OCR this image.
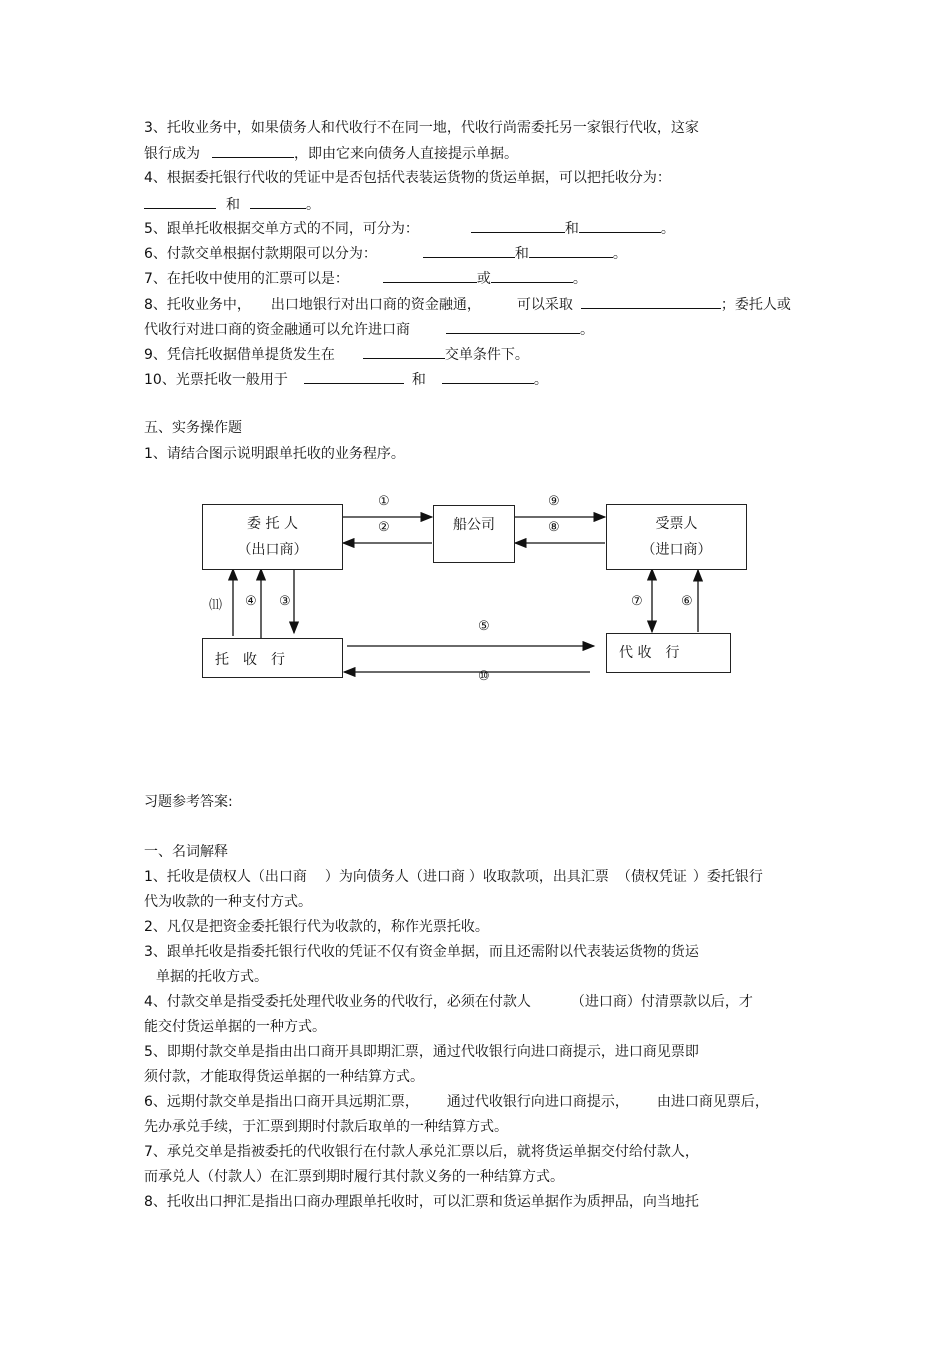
3、托收业务中，如果债务人和代收行不在同一地，代收行尚需委托另一家银行代收，这家
银行成为	，即由它来向债务人直接提示单据。
4、根据委托银行代收的凭证中是否包括代表装运货物的货运单据，可以把托收分为：
和	。
5、跟单托收根据交单方式的不同，可分为：	和	。
6、付款交单根据付款期限可以分为：	和	。
7、在托收中使用的汇票可以是：	或	。
8、托收业务中， 出口地银行对出口商的资金融通，	可以采取	；委托人或
代收行对进口商的资金融通可以允许进口商	。
9、凭信托收据借单提货发生在	交单条件下。
10、光票托收一般用于	和	。
五、实务操作题
1、请结合图示说明跟单托收的业务程序。
委 托 人
（出口商）
船公司	受票人
（进口商）
托　收　行	代 收　行
①
②
⑨
⑧
⑾ ④ ③
⑤
⑩
⑦	⑥
习题参考答案:
一、名词解释
1、托收是债权人（出口商 ）为向债务人（进口商 ）收取款项，出具汇票 （债权凭证 ）委托银行
代为收款的一种支付方式。
2、凡仅是把资金委托银行代为收款的，称作光票托收。
3、跟单托收是指委托银行代收的凭证不仅有资金单据，而且还需附以代表装运货物的货运
单据的托收方式。
4、付款交单是指受委托处理代收业务的代收行，必须在付款人	（进口商）付清票款以后，才
能交付货运单据的一种方式。
5、即期付款交单是指由出口商开具即期汇票，通过代收银行向进口商提示，进口商见票即
须付款，才能取得货运单据的一种结算方式。
6、远期付款交单是指出口商开具远期汇票， 通过代收银行向进口商提示， 由进口商见票后，
先办承兑手续，于汇票到期时付款后取单的一种结算方式。
7、承兑交单是指被委托的代收银行在付款人承兑汇票以后，就将货运单据交付给付款人，
而承兑人（付款人）在汇票到期时履行其付款义务的一种结算方式。
8、托收出口押汇是指出口商办理跟单托收时，可以汇票和货运单据作为质押品，向当地托
